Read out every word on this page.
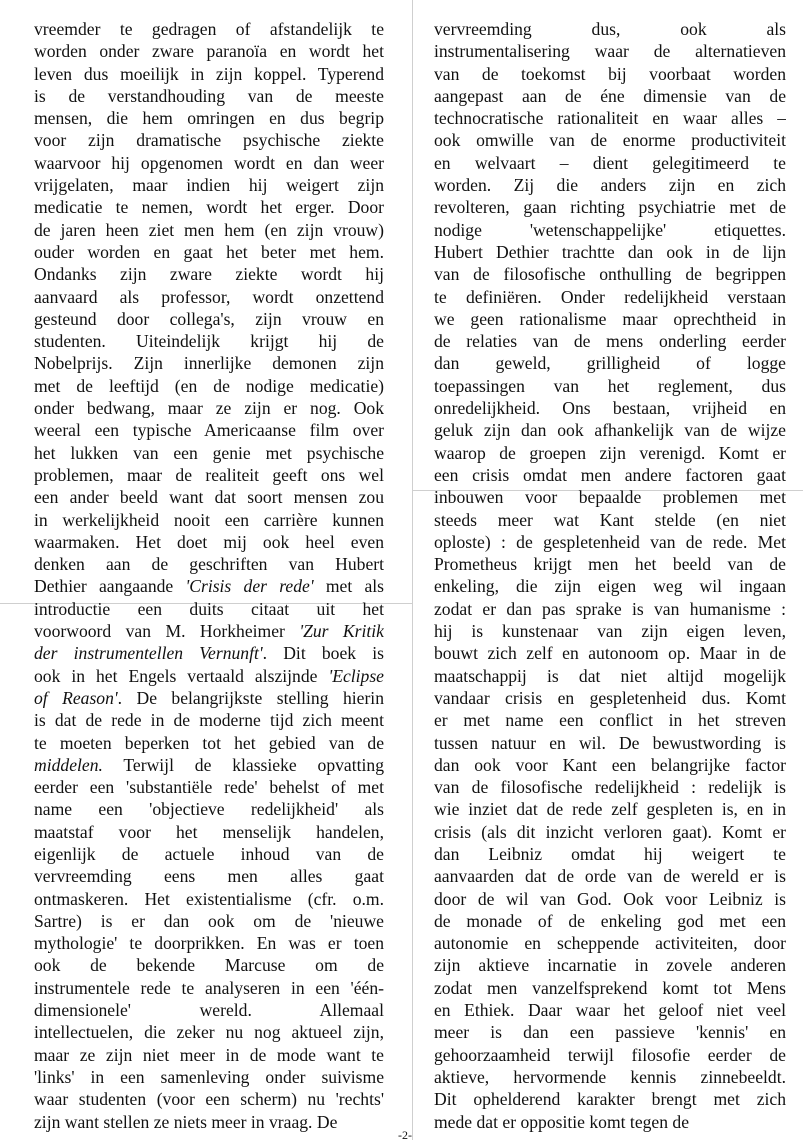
vreemder te gedragen of afstandelijk te
worden onder zware paranoïa en wordt het
leven dus moeilijk in zijn koppel. Typerend
is de verstandhouding van de meeste
mensen, die hem omringen en dus begrip
voor zijn dramatische psychische ziekte
waarvoor hij opgenomen wordt en dan weer
vrijgelaten, maar indien hij weigert zijn
medicatie te nemen, wordt het erger. Door
de jaren heen ziet men hem (en zijn vrouw)
ouder worden en gaat het beter met hem.
Ondanks zijn zware ziekte wordt hij
aanvaard als professor, wordt onzettend
gesteund door collega's, zijn vrouw en
studenten. Uiteindelijk krijgt hij de
Nobelprijs. Zijn innerlijke demonen zijn
met de leeftijd (en de nodige medicatie)
onder bedwang, maar ze zijn er nog. Ook
weeral een typische Americaanse film over
het lukken van een genie met psychische
problemen, maar de realiteit geeft ons wel
een ander beeld want dat soort mensen zou
in werkelijkheid nooit een carrière kunnen
waarmaken. Het doet mij ook heel even
denken aan de geschriften van Hubert
Dethier aangaande 'Crisis der rede' met als
introductie een duits citaat uit het
voorwoord van M. Horkheimer 'Zur Kritik
der instrumentellen Vernunft'. Dit boek is
ook in het Engels vertaald alszijnde 'Eclipse
of Reason'. De belangrijkste stelling hierin
is dat de rede in de moderne tijd zich meent
te moeten beperken tot het gebied van de
middelen. Terwijl de klassieke opvatting
eerder een 'substantiële rede' behelst of met
name een 'objectieve redelijkheid' als
maatstaf voor het menselijk handelen,
eigenlijk de actuele inhoud van de
vervreemding eens men alles gaat
ontmaskeren. Het existentialisme (cfr. o.m.
Sartre) is er dan ook om de 'nieuwe
mythologie' te doorprikken. En was er toen
ook de bekende Marcuse om de
instrumentele rede te analyseren in een 'één-
dimensionele' wereld. Allemaal
intellectuelen, die zeker nu nog aktueel zijn,
maar ze zijn niet meer in de mode want te
'links' in een samenleving onder suivisme
waar studenten (voor een scherm) nu 'rechts'
zijn want stellen ze niets meer in vraag. De
vervreemding dus, ook als
instrumentalisering waar de alternatieven
van de toekomst bij voorbaat worden
aangepast aan de éne dimensie van de
technocratische rationaliteit en waar alles –
ook omwille van de enorme productiviteit
en welvaart – dient gelegitimeerd te
worden. Zij die anders zijn en zich
revolteren, gaan richting psychiatrie met de
nodige 'wetenschappelijke' etiquettes.
Hubert Dethier trachtte dan ook in de lijn
van de filosofische onthulling de begrippen
te definiëren. Onder redelijkheid verstaan
we geen rationalisme maar oprechtheid in
de relaties van de mens onderling eerder
dan geweld, grilligheid of logge
toepassingen van het reglement, dus
onredelijkheid. Ons bestaan, vrijheid en
geluk zijn dan ook afhankelijk van de wijze
waarop de groepen zijn verenigd. Komt er
een crisis omdat men andere factoren gaat
inbouwen voor bepaalde problemen met
steeds meer wat Kant stelde (en niet
oploste) : de gespletenheid van de rede. Met
Prometheus krijgt men het beeld van de
enkeling, die zijn eigen weg wil ingaan
zodat er dan pas sprake is van humanisme :
hij is kunstenaar van zijn eigen leven,
bouwt zich zelf en autonoom op. Maar in de
maatschappij is dat niet altijd mogelijk
vandaar crisis en gespletenheid dus. Komt
er met name een conflict in het streven
tussen natuur en wil. De bewustwording is
dan ook voor Kant een belangrijke factor
van de filosofische redelijkheid : redelijk is
wie inziet dat de rede zelf gespleten is, en in
crisis (als dit inzicht verloren gaat). Komt er
dan Leibniz omdat hij weigert te
aanvaarden dat de orde van de wereld er is
door de wil van God. Ook voor Leibniz is
de monade of de enkeling god met een
autonomie en scheppende activiteiten, door
zijn aktieve incarnatie in zovele anderen
zodat men vanzelfsprekend komt tot Mens
en Ethiek. Daar waar het geloof niet veel
meer is dan een passieve 'kennis' en
gehoorzaamheid terwijl filosofie eerder de
aktieve, hervormende kennis zinnebeeldt.
Dit ophelderend karakter brengt met zich
mede dat er oppositie komt tegen de
-2-
